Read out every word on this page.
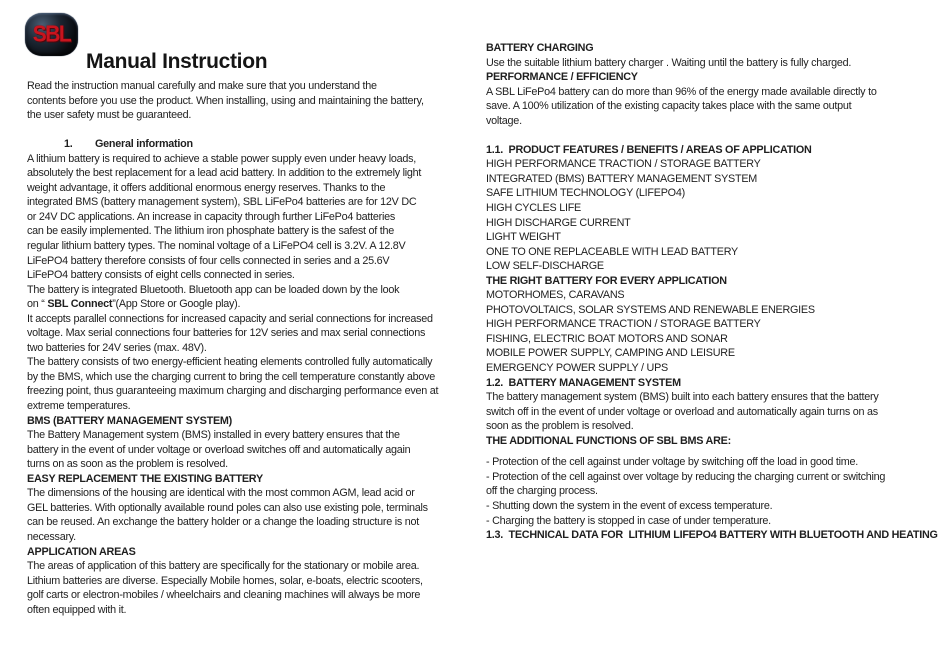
SBL
Manual Instruction
Read the instruction manual carefully and make sure that you understand the
contents before you use the product. When installing, using and maintaining the battery,
the user safety must be guaranteed.
1. General information
A lithium battery is required to achieve a stable power supply even under heavy loads,
absolutely the best replacement for a lead acid battery. In addition to the extremely light
weight advantage, it offers additional enormous energy reserves. Thanks to the
integrated BMS (battery management system), SBL LiFePo4 batteries are for 12V DC
or 24V DC applications. An increase in capacity through further LiFePo4 batteries
can be easily implemented. The lithium iron phosphate battery is the safest of the
regular lithium battery types. The nominal voltage of a LiFePO4 cell is 3.2V. A 12.8V
LiFePO4 battery therefore consists of four cells connected in series and a 25.6V
LiFePO4 battery consists of eight cells connected in series.
The battery is integrated Bluetooth. Bluetooth app can be loaded down by the look
on “ SBL Connect”(App Store or Google play).
It accepts parallel connections for increased capacity and serial connections for increased
voltage. Max serial connections four batteries for 12V series and max serial connections
two batteries for 24V series (max. 48V).
The battery consists of two energy-efficient heating elements controlled fully automatically
by the BMS, which use the charging current to bring the cell temperature constantly above
freezing point, thus guaranteeing maximum charging and discharging performance even at
extreme temperatures.
BMS (BATTERY MANAGEMENT SYSTEM)
The Battery Management system (BMS) installed in every battery ensures that the
battery in the event of under voltage or overload switches off and automatically again
turns on as soon as the problem is resolved.
EASY REPLACEMENT THE EXISTING BATTERY
The dimensions of the housing are identical with the most common AGM, lead acid or
GEL batteries. With optionally available round poles can also use existing pole, terminals
can be reused. An exchange the battery holder or a change the loading structure is not
necessary.
APPLICATION AREAS
The areas of application of this battery are specifically for the stationary or mobile area.
Lithium batteries are diverse. Especially Mobile homes, solar, e-boats, electric scooters,
golf carts or electron-mobiles / wheelchairs and cleaning machines will always be more
often equipped with it.
BATTERY CHARGING
Use the suitable lithium battery charger . Waiting until the battery is fully charged.
PERFORMANCE / EFFICIENCY
A SBL LiFePo4 battery can do more than 96% of the energy made available directly to
save. A 100% utilization of the existing capacity takes place with the same output
voltage.
1.1.  PRODUCT FEATURES / BENEFITS / AREAS OF APPLICATION
HIGH PERFORMANCE TRACTION / STORAGE BATTERY
INTEGRATED (BMS) BATTERY MANAGEMENT SYSTEM
SAFE LITHIUM TECHNOLOGY (LIFEPO4)
HIGH CYCLES LIFE
HIGH DISCHARGE CURRENT
LIGHT WEIGHT
ONE TO ONE REPLACEABLE WITH LEAD BATTERY
LOW SELF-DISCHARGE
THE RIGHT BATTERY FOR EVERY APPLICATION
MOTORHOMES, CARAVANS
PHOTOVOLTAICS, SOLAR SYSTEMS AND RENEWABLE ENERGIES
HIGH PERFORMANCE TRACTION / STORAGE BATTERY
FISHING, ELECTRIC BOAT MOTORS AND SONAR
MOBILE POWER SUPPLY, CAMPING AND LEISURE
EMERGENCY POWER SUPPLY / UPS
1.2.  BATTERY MANAGEMENT SYSTEM
The battery management system (BMS) built into each battery ensures that the battery
switch off in the event of under voltage or overload and automatically again turns on as
soon as the problem is resolved.
THE ADDITIONAL FUNCTIONS OF SBL BMS ARE:
- Protection of the cell against under voltage by switching off the load in good time.
- Protection of the cell against over voltage by reducing the charging current or switching
off the charging process.
- Shutting down the system in the event of excess temperature.
- Charging the battery is stopped in case of under temperature.
1.3.  TECHNICAL DATA FOR  LITHIUM LIFEPO4 BATTERY WITH BLUETOOTH AND HEATING
